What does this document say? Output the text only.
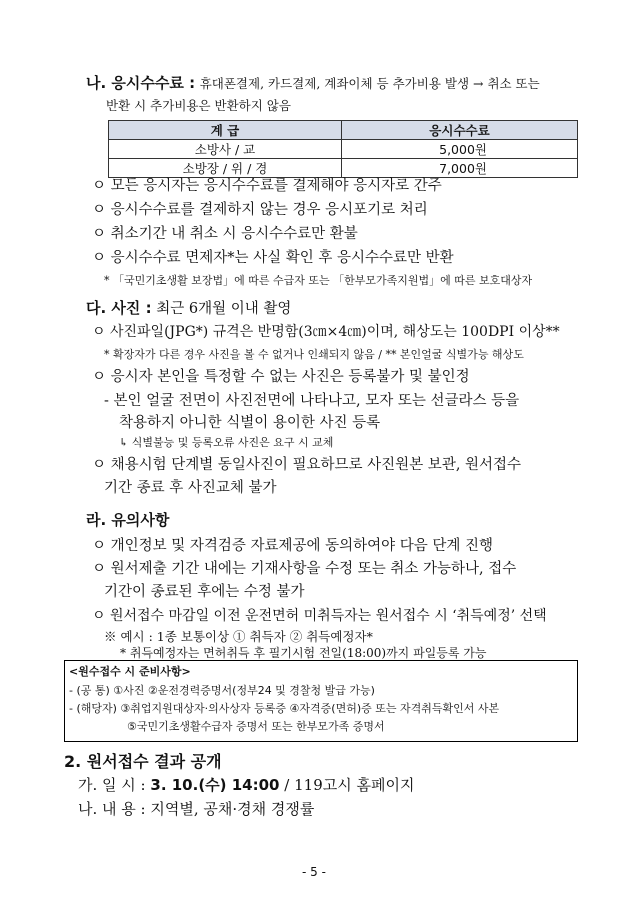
나. 응시수수료 : 휴대폰결제, 카드결제, 계좌이체 등 추가비용 발생 → 취소 또는
반환 시 추가비용은 반환하지 않음
계 급	응시수수료
소방사 / 교	5,000원
소방장 / 위 / 경	7,000원
ㅇ 모든 응시자는 응시수수료를 결제해야 응시자로 간주
ㅇ 응시수수료를 결제하지 않는 경우 응시포기로 처리
ㅇ 취소기간 내 취소 시 응시수수료만 환불
ㅇ 응시수수료 면제자*는 사실 확인 후 응시수수료만 반환
* 「국민기초생활 보장법」에 따른 수급자 또는 「한부모가족지원법」에 따른 보호대상자
다. 사진 : 최근 6개월 이내 촬영
ㅇ 사진파일(JPG*) 규격은 반명함(3㎝×4㎝)이며, 해상도는 100DPI 이상**
* 확장자가 다른 경우 사진을 볼 수 없거나 인쇄되지 않음 / ** 본인얼굴 식별가능 해상도
ㅇ 응시자 본인을 특정할 수 없는 사진은 등록불가 및 불인정
- 본인 얼굴 전면이 사진전면에 나타나고, 모자 또는 선글라스 등을
착용하지 아니한 식별이 용이한 사진 등록
↳ 식별불능 및 등록오류 사진은 요구 시 교체
ㅇ 채용시험 단계별 동일사진이 필요하므로 사진원본 보관, 원서접수
기간 종료 후 사진교체 불가
라. 유의사항
ㅇ 개인정보 및 자격검증 자료제공에 동의하여야 다음 단계 진행
ㅇ 원서제출 기간 내에는 기재사항을 수정 또는 취소 가능하나, 접수
기간이 종료된 후에는 수정 불가
ㅇ 원서접수 마감일 이전 운전면허 미취득자는 원서접수 시 ‘취득예정’ 선택
※ 예시 : 1종 보통이상 ① 취득자 ② 취득예정자*
* 취득예정자는 면허취득 후 필기시험 전일(18:00)까지 파일등록 가능
<원수접수 시 준비사항>
- (공 통) ①사진 ②운전경력증명서(정부24 및 경찰청 발급 가능)
- (해당자) ③취업지원대상자·의사상자 등록증 ④자격증(면허)증 또는 자격취득확인서 사본
⑤국민기초생활수급자 증명서 또는 한부모가족 증명서
2. 원서접수 결과 공개
가. 일 시 : 3. 10.(수) 14:00 / 119고시 홈페이지
나. 내 용 : 지역별, 공채·경채 경쟁률
- 5 -
